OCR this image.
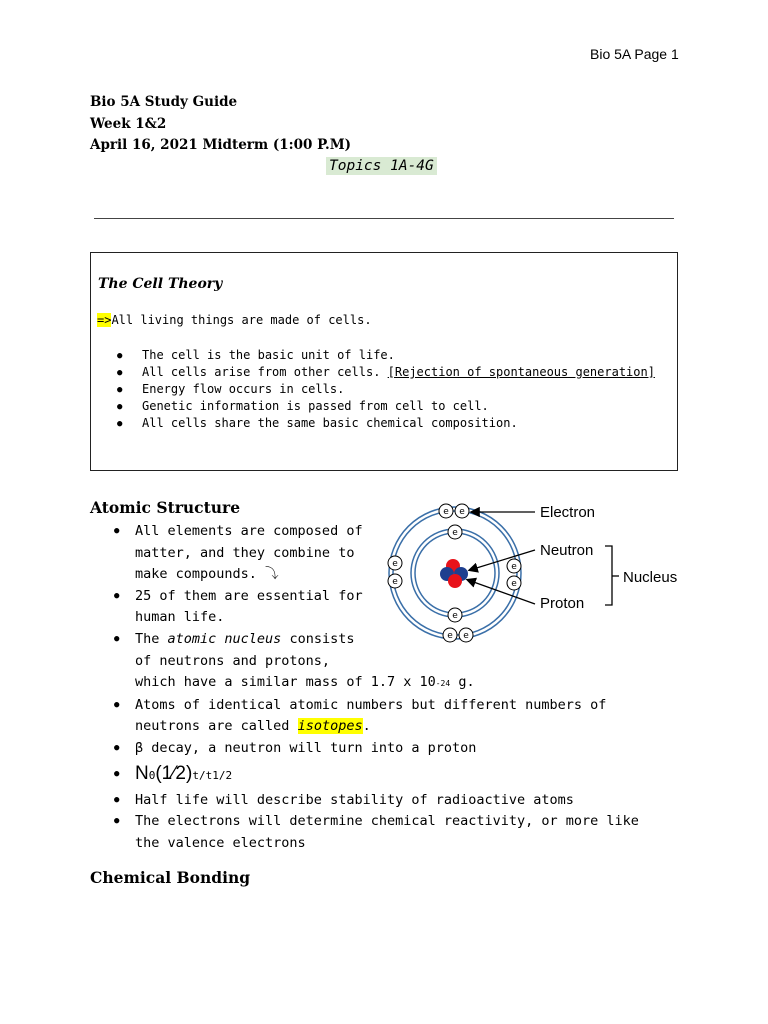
Bio 5A Page 1
Bio 5A Study Guide
Week 1&2
April 16, 2021 Midterm (1:00 P.M)
Topics 1A-4G
The Cell Theory
=>All living things are made of cells.
● The cell is the basic unit of life.
● All cells arise from other cells. [Rejection of spontaneous generation]
● Energy flow occurs in cells.
● Genetic information is passed from cell to cell.
● All cells share the same basic chemical composition.
Atomic Structure
● All elements are composed of matter, and they combine to make compounds. ⤵
● 25 of them are essential for human life.
● The atomic nucleus consists
of neutrons and protons,
which have a similar mass of 1.7 x 10-24 g.
● Atoms of identical atomic numbers but different numbers of neutrons are called isotopes.
● β decay, a neutron will turn into a proton
● N0(1⁄2)t/t1/2
● Half life will describe stability of radioactive atoms
● The electrons will determine chemical reactivity, or more like the valence electrons
e e
e
e
e
e
e
e
e e
Electron
Neutron
Proton
Nucleus
Chemical Bonding
